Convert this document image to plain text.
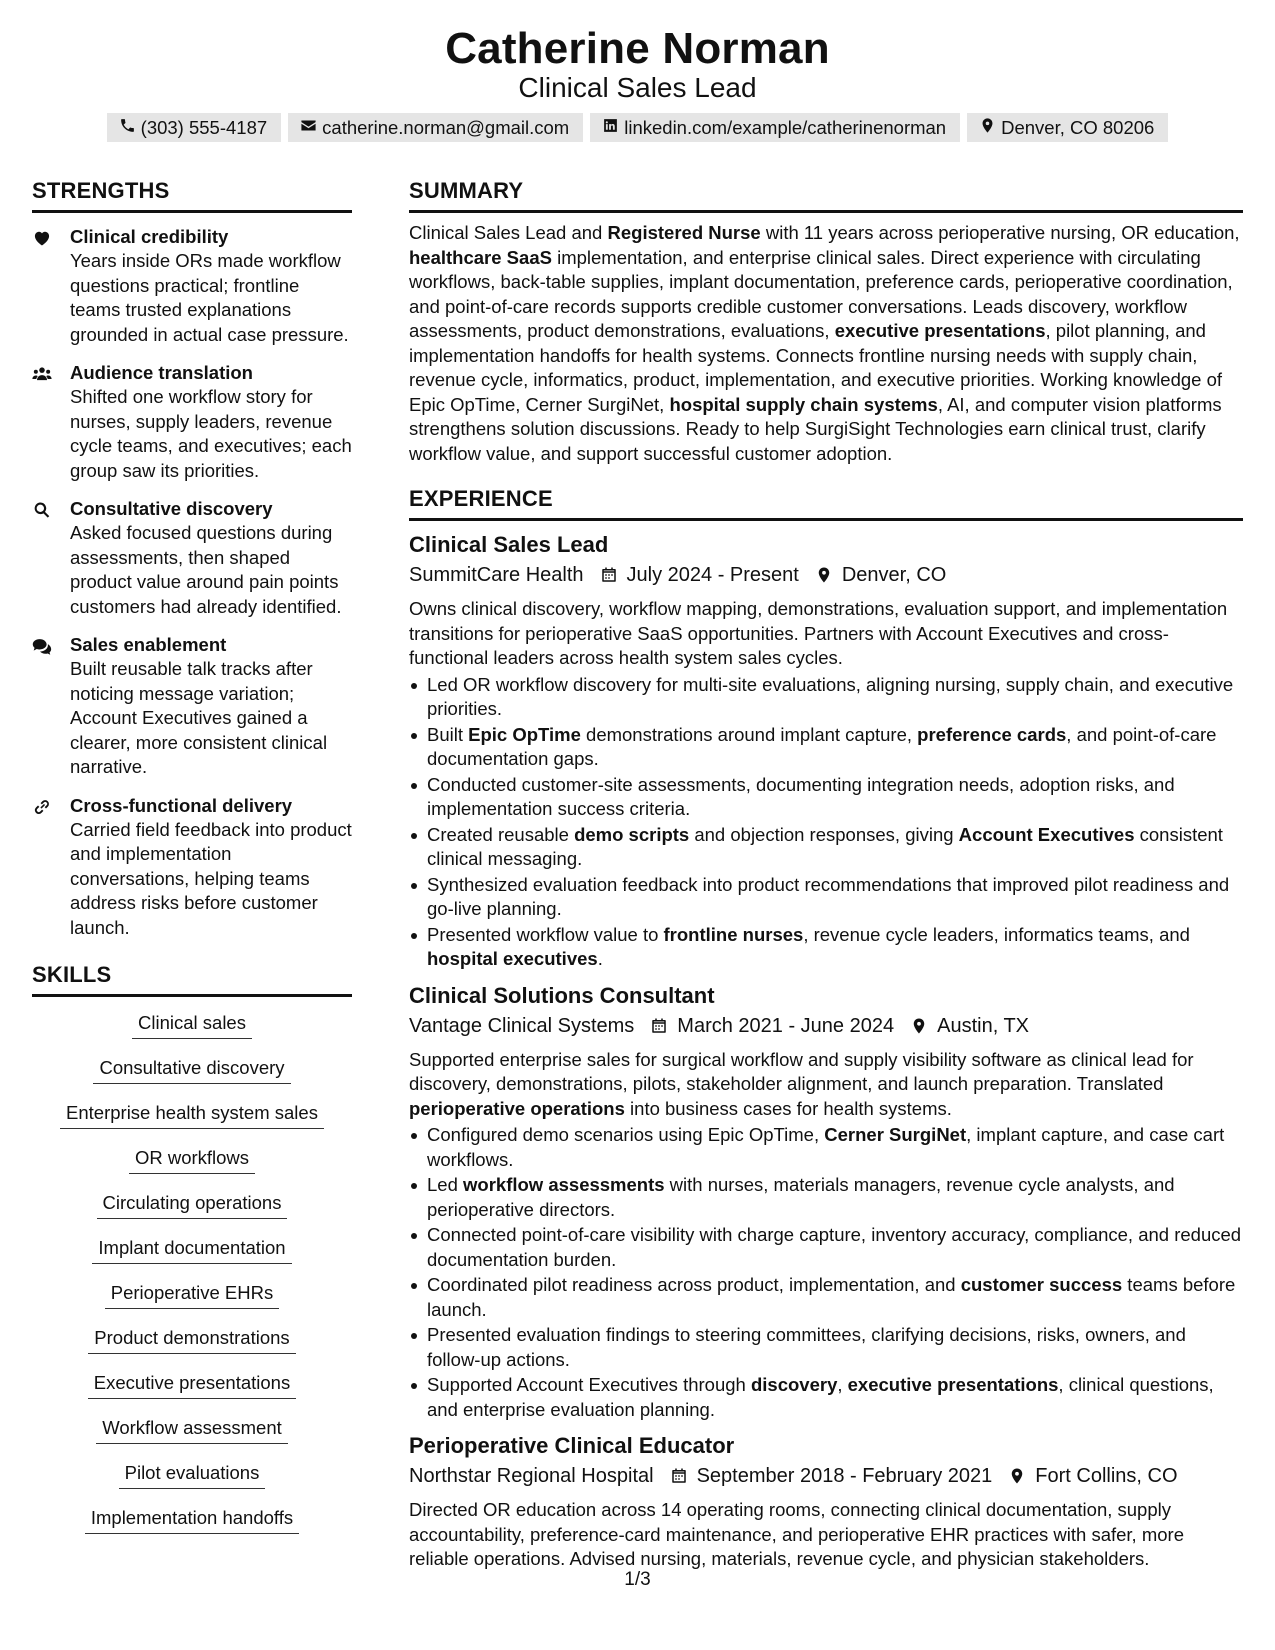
Catherine Norman
Clinical Sales Lead
(303) 555-4187	catherine.norman@gmail.com	linkedin.com/example/catherinenorman	Denver, CO 80206
STRENGTHS
Clinical credibility
Years inside ORs made workflow questions practical; frontline teams trusted explanations grounded in actual case pressure.
Audience translation
Shifted one workflow story for nurses, supply leaders, revenue cycle teams, and executives; each group saw its priorities.
Consultative discovery
Asked focused questions during assessments, then shaped product value around pain points customers had already identified.
Sales enablement
Built reusable talk tracks after noticing message variation; Account Executives gained a clearer, more consistent clinical narrative.
Cross-functional delivery
Carried field feedback into product and implementation conversations, helping teams address risks before customer launch.
SKILLS
Clinical sales
Consultative discovery
Enterprise health system sales
OR workflows
Circulating operations
Implant documentation
Perioperative EHRs
Product demonstrations
Executive presentations
Workflow assessment
Pilot evaluations
Implementation handoffs
SUMMARY
Clinical Sales Lead and Registered Nurse with 11 years across perioperative nursing, OR education, healthcare SaaS implementation, and enterprise clinical sales. Direct experience with circulating workflows, back-table supplies, implant documentation, preference cards, perioperative coordination, and point-of-care records supports credible customer conversations. Leads discovery, workflow assessments, product demonstrations, evaluations, executive presentations, pilot planning, and implementation handoffs for health systems. Connects frontline nursing needs with supply chain, revenue cycle, informatics, product, implementation, and executive priorities. Working knowledge of Epic OpTime, Cerner SurgiNet, hospital supply chain systems, AI, and computer vision platforms strengthens solution discussions. Ready to help SurgiSight Technologies earn clinical trust, clarify workflow value, and support successful customer adoption.
EXPERIENCE
Clinical Sales Lead
SummitCare Health July 2024 - Present Denver, CO
Owns clinical discovery, workflow mapping, demonstrations, evaluation support, and implementation transitions for perioperative SaaS opportunities. Partners with Account Executives and cross-functional leaders across health system sales cycles.
Led OR workflow discovery for multi-site evaluations, aligning nursing, supply chain, and executive priorities.
Built Epic OpTime demonstrations around implant capture, preference cards, and point-of-care documentation gaps.
Conducted customer-site assessments, documenting integration needs, adoption risks, and implementation success criteria.
Created reusable demo scripts and objection responses, giving Account Executives consistent clinical messaging.
Synthesized evaluation feedback into product recommendations that improved pilot readiness and go-live planning.
Presented workflow value to frontline nurses, revenue cycle leaders, informatics teams, and hospital executives.
Clinical Solutions Consultant
Vantage Clinical Systems March 2021 - June 2024 Austin, TX
Supported enterprise sales for surgical workflow and supply visibility software as clinical lead for discovery, demonstrations, pilots, stakeholder alignment, and launch preparation. Translated perioperative operations into business cases for health systems.
Configured demo scenarios using Epic OpTime, Cerner SurgiNet, implant capture, and case cart workflows.
Led workflow assessments with nurses, materials managers, revenue cycle analysts, and perioperative directors.
Connected point-of-care visibility with charge capture, inventory accuracy, compliance, and reduced documentation burden.
Coordinated pilot readiness across product, implementation, and customer success teams before launch.
Presented evaluation findings to steering committees, clarifying decisions, risks, owners, and follow-up actions.
Supported Account Executives through discovery, executive presentations, clinical questions, and enterprise evaluation planning.
Perioperative Clinical Educator
Northstar Regional Hospital September 2018 - February 2021 Fort Collins, CO
Directed OR education across 14 operating rooms, connecting clinical documentation, supply accountability, preference-card maintenance, and perioperative EHR practices with safer, more reliable operations. Advised nursing, materials, revenue cycle, and physician stakeholders.
1/3
